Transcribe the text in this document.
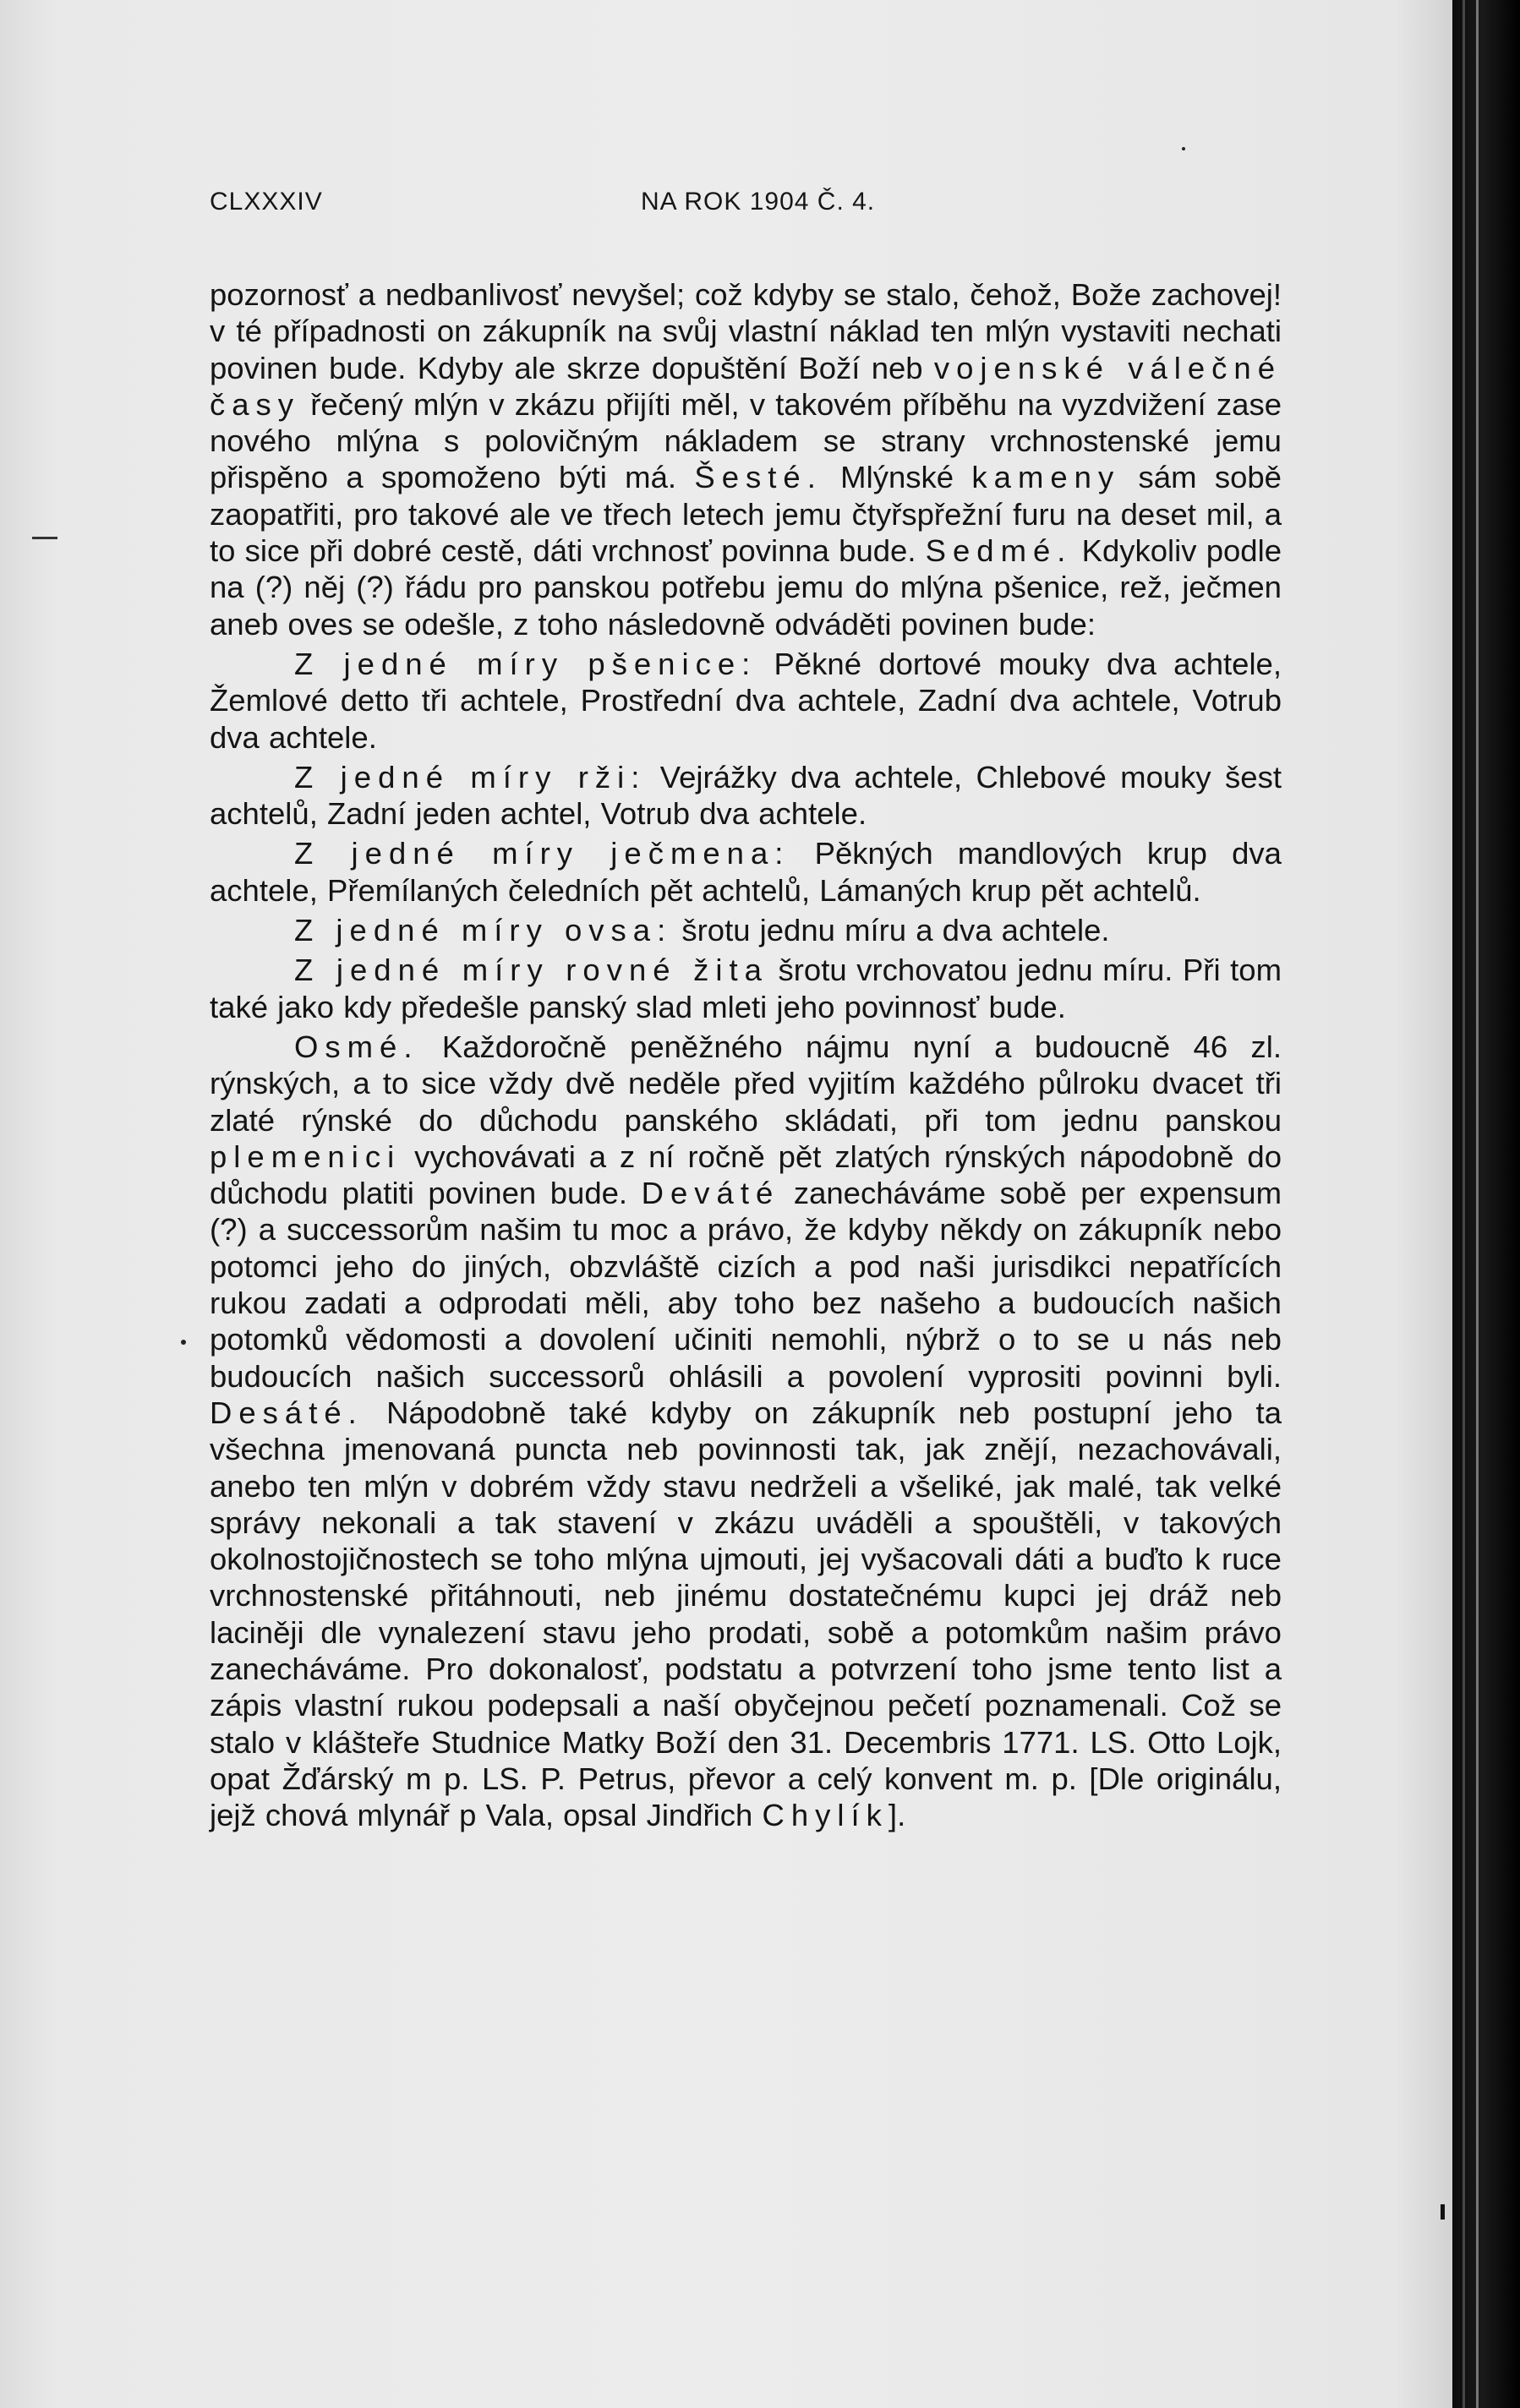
CLXXXIV	NA ROK 1904 Č. 4.

pozornosť a nedbanlivosť nevyšel; což kdyby se stalo, čehož, Bože zachovej! v té případnosti on zákupník na svůj vlastní náklad ten mlýn vystaviti nechati povinen bude. Kdyby ale skrze dopuštění Boží neb vojenské válečné časy řečený mlýn v zkázu přijíti měl, v takovém příběhu na vyzdvižení zase nového mlýna s polovičným nákladem se strany vrchnostenské jemu přispěno a spomoženo býti má. Šesté. Mlýnské kameny sám sobě zaopatřiti, pro takové ale ve třech letech jemu čtyřspřežní furu na deset mil, a to sice při dobré cestě, dáti vrchnosť povinna bude. Sedmé. Kdykoliv podle na (?) něj (?) řádu pro panskou potřebu jemu do mlýna pšenice, rež, ječmen aneb oves se odešle, z toho následovně odváděti povinen bude:

Z jedné míry pšenice: Pěkné dortové mouky dva achtele, Žemlové detto tři achtele, Prostřední dva achtele, Zadní dva achtele, Votrub dva achtele.

Z jedné míry rži: Vejrážky dva achtele, Chlebové mouky šest achtelů, Zadní jeden achtel, Votrub dva achtele.

Z jedné míry ječmena: Pěkných mandlových krup dva achtele, Přemílaných čeledních pět achtelů, Lámaných krup pět achtelů.

Z jedné míry ovsa: šrotu jednu míru a dva achtele.

Z jedné míry rovné žita šrotu vrchovatou jednu míru. Při tom také jako kdy předešle panský slad mleti jeho povinnosť bude.

Osmé. Každoročně peněžného nájmu nyní a budoucně 46 zl. rýnských, a to sice vždy dvě neděle před vyjitím každého půlroku dvacet tři zlaté rýnské do důchodu panského skládati, při tom jednu panskou plemenici vychovávati a z ní ročně pět zlatých rýnských nápodobně do důchodu platiti povinen bude. Deváté zanecháváme sobě per expensum (?) a successorům našim tu moc a právo, že kdyby někdy on zákupník nebo potomci jeho do jiných, obzvláště cizích a pod naši jurisdikci nepatřících rukou zadati a odprodati měli, aby toho bez našeho a budoucích našich potomků vědomosti a dovolení učiniti nemohli, nýbrž o to se u nás neb budoucích našich successorů ohlásili a povolení vyprositi povinni byli. Desáté. Nápodobně také kdyby on zákupník neb postupní jeho ta všechna jmenovaná puncta neb povinnosti tak, jak znějí, nezachovávali, anebo ten mlýn v dobrém vždy stavu nedrželi a všeliké, jak malé, tak velké správy nekonali a tak stavení v zkázu uváděli a spouštěli, v takových okolnostojičnostech se toho mlýna ujmouti, jej vyšacovali dáti a buďto k ruce vrchnostenské přitáhnouti, neb jinému dostatečnému kupci jej dráž neb laciněji dle vynalezení stavu jeho prodati, sobě a potomkům našim právo zanecháváme. Pro dokonalosť, podstatu a potvrzení toho jsme tento list a zápis vlastní rukou podepsali a naší obyčejnou pečetí poznamenali. Což se stalo v klášteře Studnice Matky Boží den 31. Decembris 1771. LS. Otto Lojk, opat Žďárský m p. LS. P. Petrus, převor a celý konvent m. p. [Dle originálu, jejž chová mlynář p Vala, opsal Jindřich Chylík].
